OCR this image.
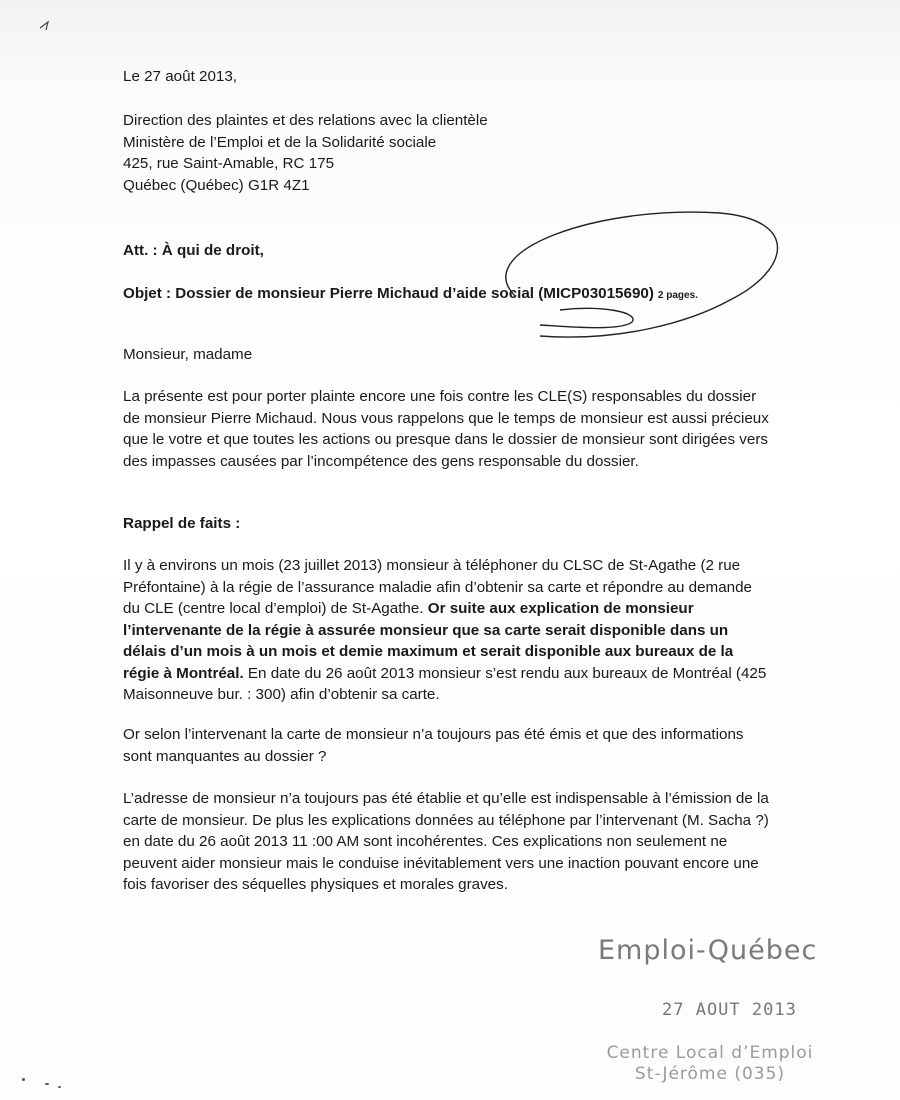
Le 27 août 2013,
Direction des plaintes et des relations avec la clientèle
Ministère de l’Emploi et de la Solidarité sociale
425, rue Saint-Amable, RC 175
Québec (Québec) G1R 4Z1
Att. : À qui de droit,
Objet : Dossier de monsieur Pierre Michaud d’aide social (MICP03015690) 2 pages.
Monsieur, madame
La présente est pour porter plainte encore une fois contre les CLE(S) responsables du dossier de monsieur Pierre Michaud. Nous vous rappelons que le temps de monsieur est aussi précieux que le votre et que toutes les actions ou presque dans le dossier de monsieur sont dirigées vers des impasses causées par l’incompétence des gens responsable du dossier.
Rappel de faits :
Il y à environs un mois (23 juillet 2013) monsieur à téléphoner du CLSC de St-Agathe (2 rue Préfontaine) à la régie de l’assurance maladie afin d’obtenir sa carte et répondre au demande du CLE (centre local d’emploi) de St-Agathe. Or suite aux explication de monsieur l’intervenante de la régie à assurée monsieur que sa carte serait disponible dans un délais d’un mois à un mois et demie maximum et serait disponible aux bureaux de la régie à Montréal. En date du 26 août 2013 monsieur s’est rendu aux bureaux de Montréal (425 Maisonneuve bur. : 300) afin d’obtenir sa carte.
Or selon l’intervenant la carte de monsieur n’a toujours pas été émis et que des informations sont manquantes au dossier ?
L’adresse de monsieur n’a toujours pas été établie et qu’elle est indispensable à l’émission de la carte de monsieur. De plus les explications données au téléphone par l’intervenant (M. Sacha ?) en date du 26 août 2013 11 :00 AM sont incohérentes. Ces explications non seulement ne peuvent aider monsieur mais le conduise inévitablement vers une inaction pouvant encore une fois favoriser des séquelles physiques et morales graves.
Emploi-Québec
27 AOUT 2013
Centre Local d’Emploi
St-Jérôme (035)
